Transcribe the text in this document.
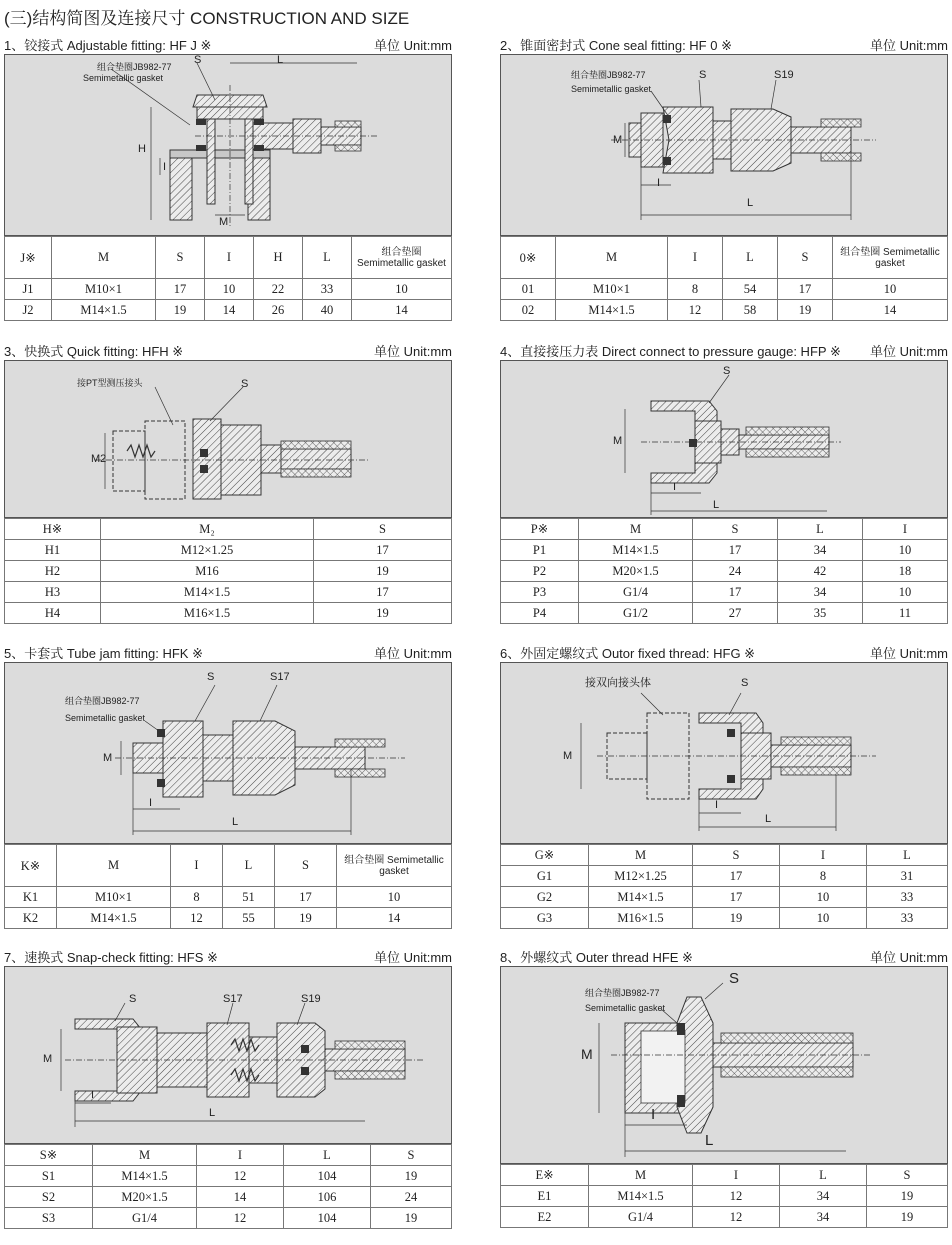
(三)结构简图及连接尺寸 CONSTRUCTION AND SIZE
1、铰接式 Adjustable fitting: HF J ※	单位 Unit:mm
组合垫圈JB982-77
Semimetallic gasket
S	L
H
I
M
J※	M	S	I	H	L	组合垫圈 Semimetallic gasket
J1	M10×1	17	10	22	33	10
J2	M14×1.5	19	14	26	40	14
2、锥面密封式 Cone seal fitting: HF 0 ※	单位 Unit:mm
组合垫圈JB982-77
Semimetallic gasket
S	S19
M
I
L
0※	M	I	L	S	组合垫圈 Semimetallic gasket
01	M10×1	8	54	17	10
02	M14×1.5	12	58	19	14
3、快换式 Quick fitting: HFH ※	单位 Unit:mm
接PT型测压接头	S
M2
H※	M₂	S
H1	M12×1.25	17
H2	M16	19
H3	M14×1.5	17
H4	M16×1.5	19
4、直接接压力表 Direct connect to pressure gauge: HFP ※ 单位 Unit:mm
S
M
I
L
P※	M	S	L	I
P1	M14×1.5	17	34	10
P2	M20×1.5	24	42	18
P3	G1/4	17	34	10
P4	G1/2	27	35	11
5、卡套式 Tube jam fitting: HFK ※	单位 Unit:mm
组合垫圈JB982-77
Semimetallic gasket
S	S17
M
I
L
K※	M	I	L	S	组合垫圈 Semimetallic gasket
K1	M10×1	8	51	17	10
K2	M14×1.5	12	55	19	14
6、外固定螺纹式 Outor fixed thread: HFG ※	单位 Unit:mm
接双向接头体	S
M
I
L
G※	M	S	I	L
G1	M12×1.25	17	8	31
G2	M14×1.5	17	10	33
G3	M16×1.5	19	10	33
7、速换式 Snap-check fitting: HFS ※	单位 Unit:mm
S	S17	S19
M
I
L
S※	M	I	L	S
S1	M14×1.5	12	104	19
S2	M20×1.5	14	106	24
S3	G1/4	12	104	19
8、外螺纹式 Outer thread HFE ※	单位 Unit:mm
组合垫圈JB982-77
Semimetallic gasket
S
M
I
L
E※	M	I	L	S
E1	M14×1.5	12	34	19
E2	G1/4	12	34	19
